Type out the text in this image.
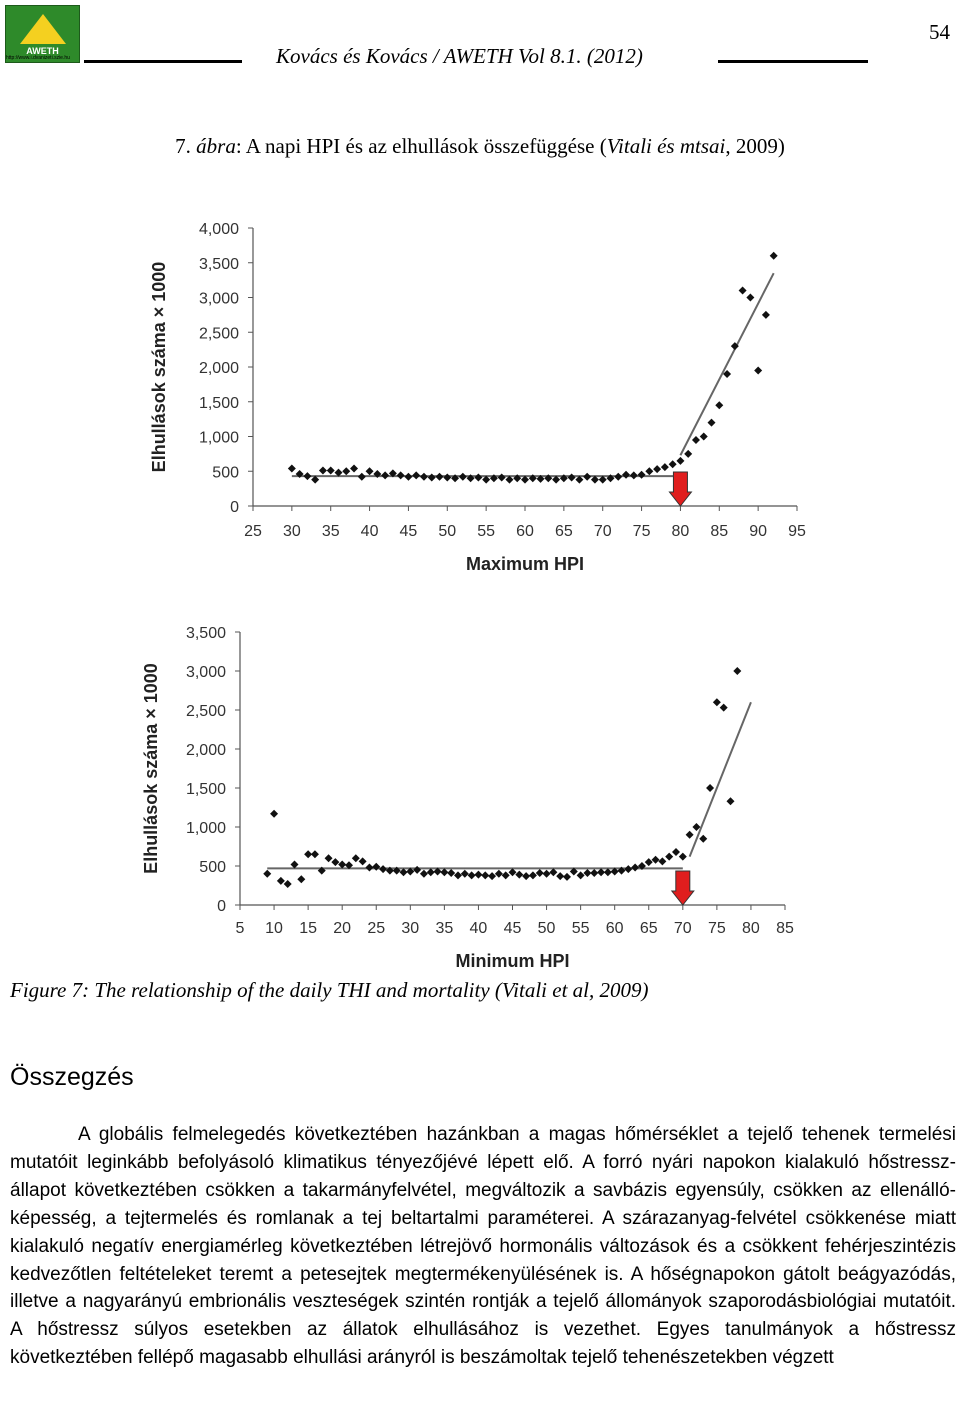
AWETH
http://www.i.dvanizeti.szie.hu	Kovács és Kovács / AWETH Vol 8.1. (2012)
54
7. ábra: A napi HPI és az elhullások összefüggése (Vitali és mtsai, 2009)
25 30 35 40 45 50 55 60 65 70 75 80 85 90 95
0
500
1,000
1,500
2,000
2,500
3,000
3,500
4,000
Maximum HPI
Elhullások száma × 1000
5 10 15 20 25 30 35 40 45 50 55 60 65 70 75 80 85
0
500
1,000
1,500
2,000
2,500
3,000
3,500
Minimum HPI
Elhullások száma × 1000
Figure 7: The relationship of the daily THI and mortality (Vitali et al, 2009)
Összegzés
A globális felmelegedés következtében hazánkban a magas hőmérséklet a tejelő tehenek termelési mutatóit leginkább befolyásoló klimatikus tényezőjévé lépett elő. A forró nyári napokon kialakuló hőstressz-állapot következtében csökken a takarmányfelvétel, megváltozik a savbázis egyensúly, csökken az ellenálló-képesség, a tejtermelés és romlanak a tej beltartalmi paraméterei. A szárazanyag-felvétel csökkenése miatt kialakuló negatív energiamérleg következtében létrejövő hormonális változások és a csökkent fehérjeszintézis kedvezőtlen feltételeket teremt a petesejtek megtermékenyülésének is. A hőségnapokon gátolt beágyazódás, illetve a nagyarányú embrionális veszteségek szintén rontják a tejelő állományok szaporodásbiológiai mutatóit. A hőstressz súlyos esetekben az állatok elhullásához is vezethet. Egyes tanulmányok a hőstressz következtében fellépő magasabb elhullási arányról is beszámoltak tejelő tehenészetekben végzett
